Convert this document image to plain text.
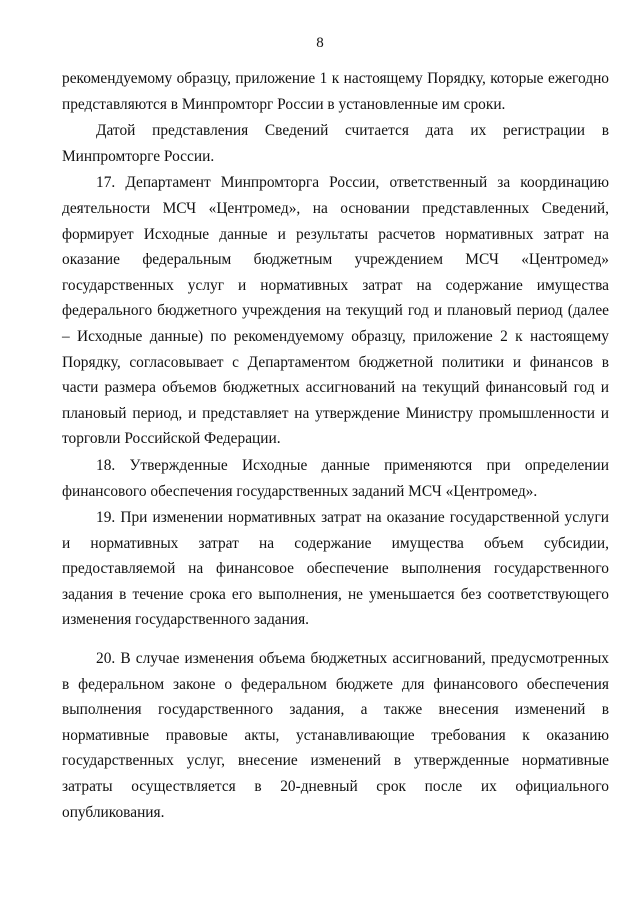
8

рекомендуемому образцу, приложение 1 к настоящему Порядку, которые ежегодно представляются в Минпромторг России в установленные им сроки.

Датой представления Сведений считается дата их регистрации в Минпромторге России.

17. Департамент Минпромторга России, ответственный за координацию деятельности МСЧ «Центромед», на основании представленных Сведений, формирует Исходные данные и результаты расчетов нормативных затрат на оказание федеральным бюджетным учреждением МСЧ «Центромед» государственных услуг и нормативных затрат на содержание имущества федерального бюджетного учреждения на текущий год и плановый период (далее – Исходные данные) по рекомендуемому образцу, приложение 2 к настоящему Порядку, согласовывает с Департаментом бюджетной политики и финансов в части размера объемов бюджетных ассигнований на текущий финансовый год и плановый период, и представляет на утверждение Министру промышленности и торговли Российской Федерации.

18. Утвержденные Исходные данные применяются при определении финансового обеспечения государственных заданий МСЧ «Центромед».

19. При изменении нормативных затрат на оказание государственной услуги и нормативных затрат на содержание имущества объем субсидии, предоставляемой на финансовое обеспечение выполнения государственного задания в течение срока его выполнения, не уменьшается без соответствующего изменения государственного задания.

20. В случае изменения объема бюджетных ассигнований, предусмотренных в федеральном законе о федеральном бюджете для финансового обеспечения выполнения государственного задания, а также внесения изменений в нормативные правовые акты, устанавливающие требования к оказанию государственных услуг, внесение изменений в утвержденные нормативные затраты осуществляется в 20-дневный срок после их официального опубликования.
